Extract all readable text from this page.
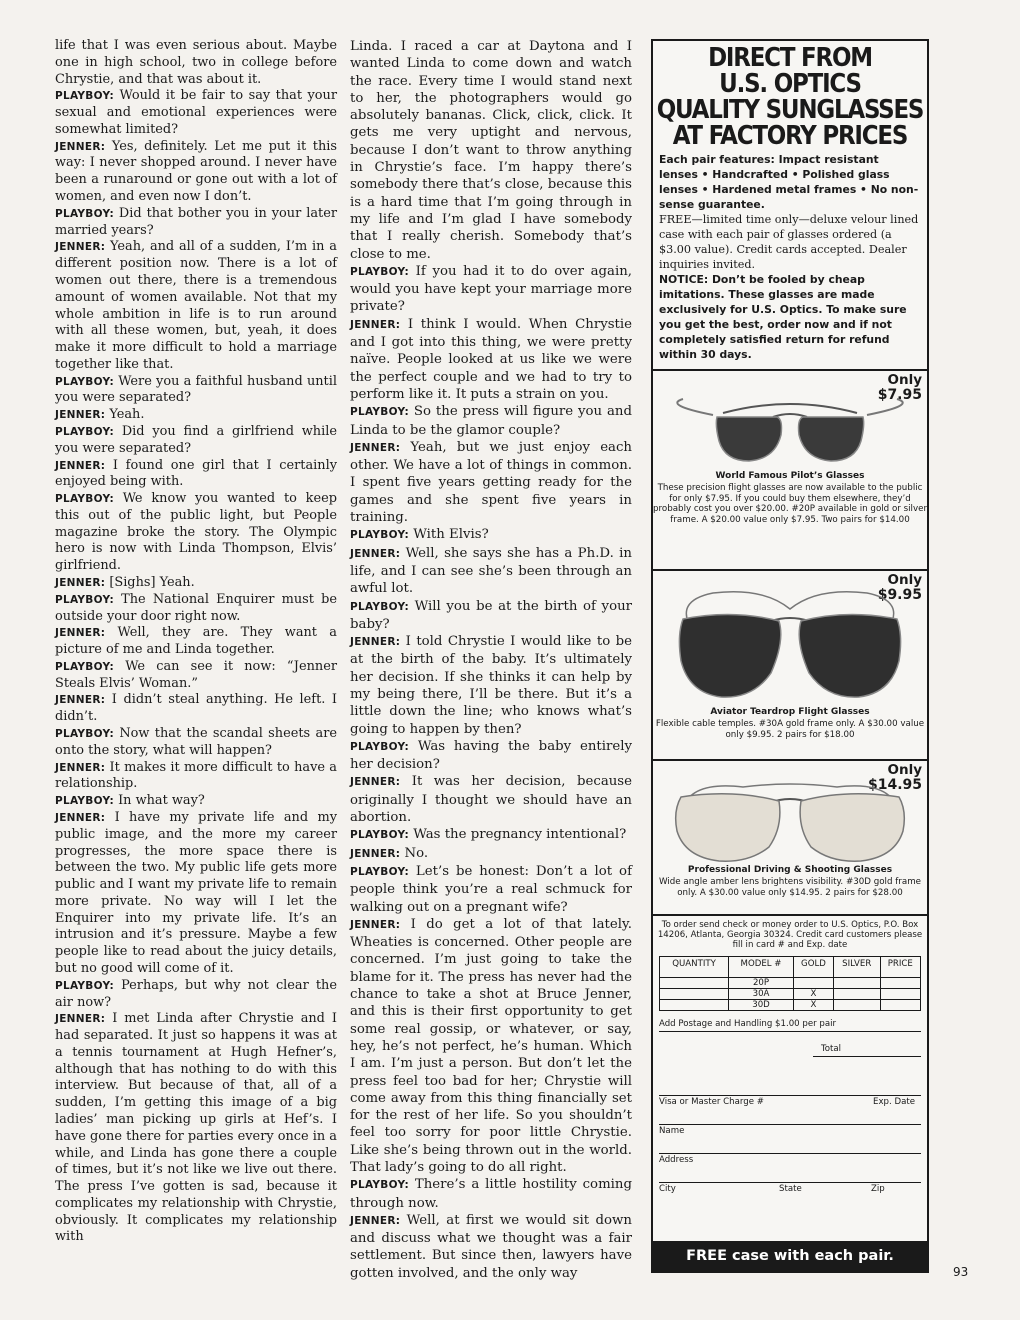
life that I was even serious about. Maybe one in high school, two in college before Chrystie, and that was about it.

PLAYBOY: Would it be fair to say that your sexual and emotional experiences were somewhat limited?

JENNER: Yes, definitely. Let me put it this way: I never shopped around. I never have been a runaround or gone out with a lot of women, and even now I don’t.

PLAYBOY: Did that bother you in your later married years?

JENNER: Yeah, and all of a sudden, I’m in a different position now. There is a lot of women out there, there is a tremendous amount of women available. Not that my whole ambition in life is to run around with all these women, but, yeah, it does make it more difficult to hold a marriage together like that.

PLAYBOY: Were you a faithful husband until you were separated?

JENNER: Yeah.

PLAYBOY: Did you find a girlfriend while you were separated?

JENNER: I found one girl that I certainly enjoyed being with.

PLAYBOY: We know you wanted to keep this out of the public light, but People magazine broke the story. The Olympic hero is now with Linda Thompson, Elvis’ girlfriend.

JENNER: [Sighs] Yeah.

PLAYBOY: The National Enquirer must be outside your door right now.

JENNER: Well, they are. They want a picture of me and Linda together.

PLAYBOY: We can see it now: “Jenner Steals Elvis’ Woman.”

JENNER: I didn’t steal anything. He left. I didn’t.

PLAYBOY: Now that the scandal sheets are onto the story, what will happen?

JENNER: It makes it more difficult to have a relationship.

PLAYBOY: In what way?

JENNER: I have my private life and my public image, and the more my career progresses, the more space there is between the two. My public life gets more public and I want my private life to remain more private. No way will I let the Enquirer into my private life. It’s an intrusion and it’s pressure. Maybe a few people like to read about the juicy details, but no good will come of it.

PLAYBOY: Perhaps, but why not clear the air now?

JENNER: I met Linda after Chrystie and I had separated. It just so happens it was at a tennis tournament at Hugh Hefner’s, although that has nothing to do with this interview. But because of that, all of a sudden, I’m getting this image of a big ladies’ man picking up girls at Hef’s. I have gone there for parties every once in a while, and Linda has gone there a couple of times, but it’s not like we live out there. The press I’ve gotten is sad, because it complicates my relationship with Chrystie, obviously. It complicates my relationship with

Linda. I raced a car at Daytona and I wanted Linda to come down and watch the race. Every time I would stand next to her, the photographers would go absolutely bananas. Click, click, click. It gets me very uptight and nervous, because I don’t want to throw anything in Chrystie’s face. I’m happy there’s somebody there that’s close, because this is a hard time that I’m going through in my life and I’m glad I have somebody that I really cherish. Somebody that’s close to me.

PLAYBOY: If you had it to do over again, would you have kept your marriage more private?

JENNER: I think I would. When Chrystie and I got into this thing, we were pretty naïve. People looked at us like we were the perfect couple and we had to try to perform like it. It puts a strain on you.

PLAYBOY: So the press will figure you and Linda to be the glamor couple?

JENNER: Yeah, but we just enjoy each other. We have a lot of things in common. I spent five years getting ready for the games and she spent five years in training.

PLAYBOY: With Elvis?

JENNER: Well, she says she has a Ph.D. in life, and I can see she’s been through an awful lot.

PLAYBOY: Will you be at the birth of your baby?

JENNER: I told Chrystie I would like to be at the birth of the baby. It’s ultimately her decision. If she thinks it can help by my being there, I’ll be there. But it’s a little down the line; who knows what’s going to happen by then?

PLAYBOY: Was having the baby entirely her decision?

JENNER: It was her decision, because originally I thought we should have an abortion.

PLAYBOY: Was the pregnancy intentional?

JENNER: No.

PLAYBOY: Let’s be honest: Don’t a lot of people think you’re a real schmuck for walking out on a pregnant wife?

JENNER: I do get a lot of that lately. Wheaties is concerned. Other people are concerned. I’m just going to take the blame for it. The press has never had the chance to take a shot at Bruce Jenner, and this is their first opportunity to get some real gossip, or whatever, or say, hey, he’s not perfect, he’s human. Which I am. I’m just a person. But don’t let the press feel too bad for her; Chrystie will come away from this thing financially set for the rest of her life. So you shouldn’t feel too sorry for poor little Chrystie. Like she’s being thrown out in the world. That lady’s going to do all right.

PLAYBOY: There’s a little hostility coming through now.

JENNER: Well, at first we would sit down and discuss what we thought was a fair settlement. But since then, lawyers have gotten involved, and the only way

DIRECT FROM
U.S. OPTICS
QUALITY SUNGLASSES
AT FACTORY PRICES

Each pair features: Impact resistant lenses • Handcrafted • Polished glass lenses • Hardened metal frames • No non-sense guarantee.

FREE—limited time only—deluxe velour lined case with each pair of glasses ordered (a $3.00 value). Credit cards accepted. Dealer inquiries invited.

NOTICE: Don’t be fooled by cheap imitations. These glasses are made exclusively for U.S. Optics. To make sure you get the best, order now and if not completely satisfied return for refund within 30 days.

Only
$7.95
World Famous Pilot’s Glasses
These precision flight glasses are now available to the public for only $7.95. If you could buy them elsewhere, they’d probably cost you over $20.00. #20P available in gold or silver frame. A $20.00 value only $7.95. Two pairs for $14.00
Only
$9.95
Aviator Teardrop Flight Glasses
Flexible cable temples. #30A gold frame only. A $30.00 value only $9.95. 2 pairs for $18.00
Only
$14.95
Professional Driving & Shooting Glasses
Wide angle amber lens brightens visibility. #30D gold frame only. A $30.00 value only $14.95. 2 pairs for $28.00
To order send check or money order to U.S. Optics, P.O. Box 14206, Atlanta, Georgia 30324. Credit card customers please fill in card # and Exp. date
QUANTITY	MODEL #	GOLD	SILVER	PRICE
	20P			
	30A	X		
	30D	X		
Add Postage and Handling $1.00 per pair
Total
Visa or Master Charge #	Exp. Date
Name
Address
City	State	Zip
FREE case with each pair.
93
